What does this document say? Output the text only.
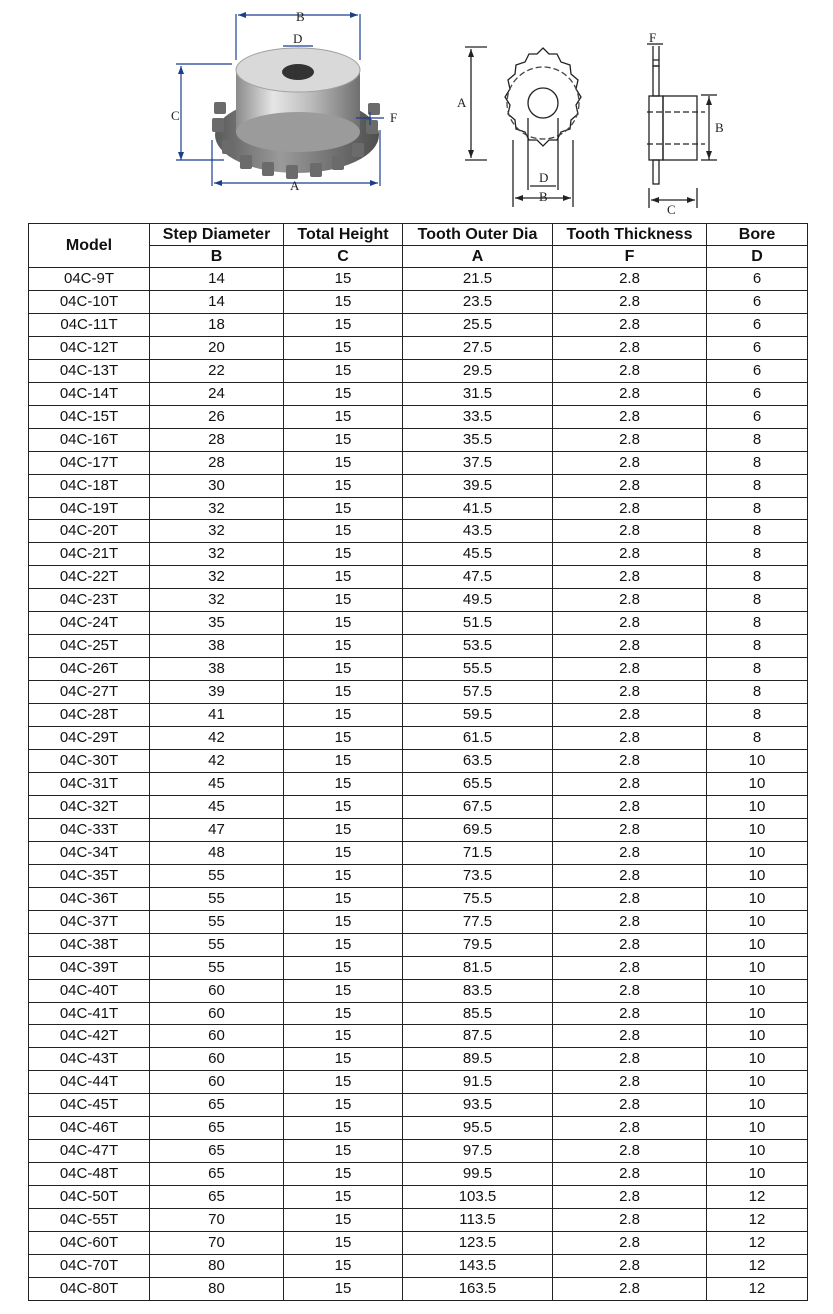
B
D
C	F
A
A
D
B
F
B
C
Model	Step Diameter	Total Height	Tooth Outer Dia	Tooth Thickness	Bore
	B	C	A	F	D
04C-9T	14	15	21.5	2.8	6
04C-10T	14	15	23.5	2.8	6
04C-11T	18	15	25.5	2.8	6
04C-12T	20	15	27.5	2.8	6
04C-13T	22	15	29.5	2.8	6
04C-14T	24	15	31.5	2.8	6
04C-15T	26	15	33.5	2.8	6
04C-16T	28	15	35.5	2.8	8
04C-17T	28	15	37.5	2.8	8
04C-18T	30	15	39.5	2.8	8
04C-19T	32	15	41.5	2.8	8
04C-20T	32	15	43.5	2.8	8
04C-21T	32	15	45.5	2.8	8
04C-22T	32	15	47.5	2.8	8
04C-23T	32	15	49.5	2.8	8
04C-24T	35	15	51.5	2.8	8
04C-25T	38	15	53.5	2.8	8
04C-26T	38	15	55.5	2.8	8
04C-27T	39	15	57.5	2.8	8
04C-28T	41	15	59.5	2.8	8
04C-29T	42	15	61.5	2.8	8
04C-30T	42	15	63.5	2.8	10
04C-31T	45	15	65.5	2.8	10
04C-32T	45	15	67.5	2.8	10
04C-33T	47	15	69.5	2.8	10
04C-34T	48	15	71.5	2.8	10
04C-35T	55	15	73.5	2.8	10
04C-36T	55	15	75.5	2.8	10
04C-37T	55	15	77.5	2.8	10
04C-38T	55	15	79.5	2.8	10
04C-39T	55	15	81.5	2.8	10
04C-40T	60	15	83.5	2.8	10
04C-41T	60	15	85.5	2.8	10
04C-42T	60	15	87.5	2.8	10
04C-43T	60	15	89.5	2.8	10
04C-44T	60	15	91.5	2.8	10
04C-45T	65	15	93.5	2.8	10
04C-46T	65	15	95.5	2.8	10
04C-47T	65	15	97.5	2.8	10
04C-48T	65	15	99.5	2.8	10
04C-50T	65	15	103.5	2.8	12
04C-55T	70	15	113.5	2.8	12
04C-60T	70	15	123.5	2.8	12
04C-70T	80	15	143.5	2.8	12
04C-80T	80	15	163.5	2.8	12
